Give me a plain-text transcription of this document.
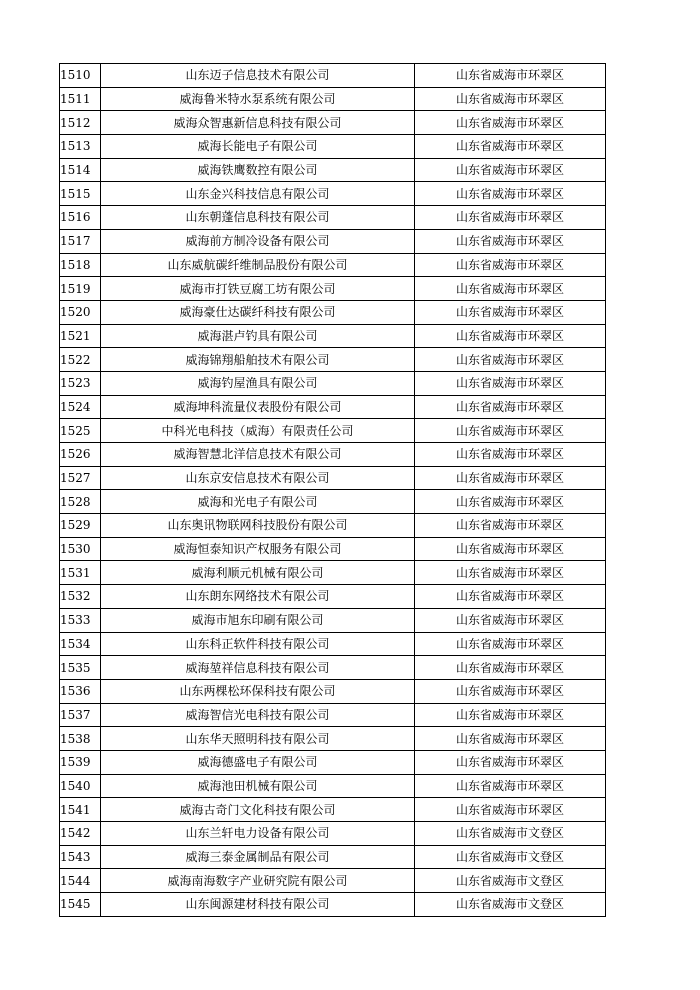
1510	山东迈子信息技术有限公司	山东省威海市环翠区
1511	威海鲁米特水泵系统有限公司	山东省威海市环翠区
1512	威海众智惠新信息科技有限公司	山东省威海市环翠区
1513	威海长能电子有限公司	山东省威海市环翠区
1514	威海铁鹰数控有限公司	山东省威海市环翠区
1515	山东金兴科技信息有限公司	山东省威海市环翠区
1516	山东朝蓬信息科技有限公司	山东省威海市环翠区
1517	威海前方制冷设备有限公司	山东省威海市环翠区
1518	山东威航碳纤维制品股份有限公司	山东省威海市环翠区
1519	威海市打铁豆腐工坊有限公司	山东省威海市环翠区
1520	威海豪仕达碳纤科技有限公司	山东省威海市环翠区
1521	威海湛卢钓具有限公司	山东省威海市环翠区
1522	威海锦翔船舶技术有限公司	山东省威海市环翠区
1523	威海钓屋渔具有限公司	山东省威海市环翠区
1524	威海坤科流量仪表股份有限公司	山东省威海市环翠区
1525	中科光电科技（威海）有限责任公司	山东省威海市环翠区
1526	威海智慧北洋信息技术有限公司	山东省威海市环翠区
1527	山东京安信息技术有限公司	山东省威海市环翠区
1528	威海和光电子有限公司	山东省威海市环翠区
1529	山东奥讯物联网科技股份有限公司	山东省威海市环翠区
1530	威海恒泰知识产权服务有限公司	山东省威海市环翠区
1531	威海利顺元机械有限公司	山东省威海市环翠区
1532	山东朗东网络技术有限公司	山东省威海市环翠区
1533	威海市旭东印刷有限公司	山东省威海市环翠区
1534	山东科正软件科技有限公司	山东省威海市环翠区
1535	威海堃祥信息科技有限公司	山东省威海市环翠区
1536	山东两棵松环保科技有限公司	山东省威海市环翠区
1537	威海智信光电科技有限公司	山东省威海市环翠区
1538	山东华天照明科技有限公司	山东省威海市环翠区
1539	威海德盛电子有限公司	山东省威海市环翠区
1540	威海池田机械有限公司	山东省威海市环翠区
1541	威海古奇门文化科技有限公司	山东省威海市环翠区
1542	山东兰轩电力设备有限公司	山东省威海市文登区
1543	威海三泰金属制品有限公司	山东省威海市文登区
1544	威海南海数字产业研究院有限公司	山东省威海市文登区
1545	山东闽源建材科技有限公司	山东省威海市文登区
